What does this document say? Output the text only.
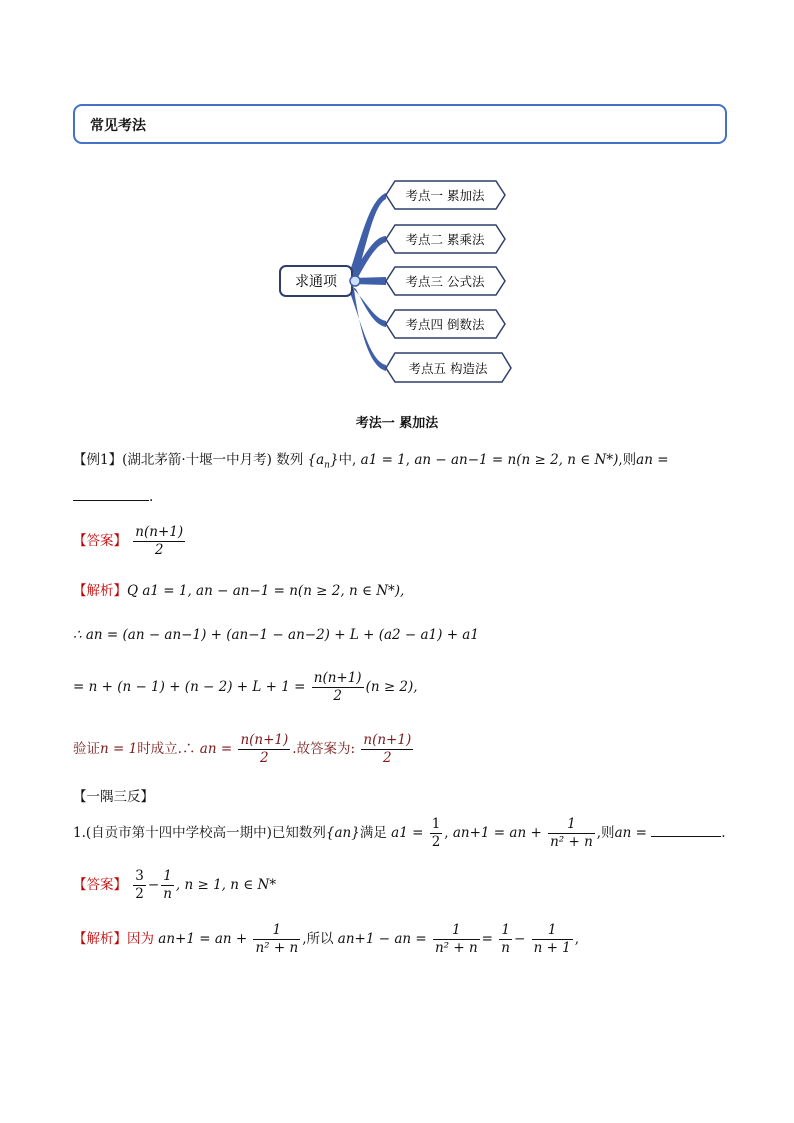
常见考法
求通项
考点一 累加法
考点二 累乘法
考点三 公式法
考点四 倒数法
考点五 构造法
考法一 累加法
【例1】(湖北茅箭·十堰一中月考) 数列 $\{a_n\}$中, a1 = 1, an − an−1 = n(n ≥ 2, n ∈ N*),则an =
.
【答案】 $\frac{n(n+1)}{2}$
【解析】Q a1 = 1, an − an−1 = n(n ≥ 2, n ∈ N*),
∴ an = (an − an−1) + (an−1 − an−2) + L + (a2 − a1) + a1
= $n + (n - 1) + (n - 2) + L + 1 = \frac{n(n+1)}{2} (n \ge 2)$,
验证n = 1时成立.∴ an = $\frac{n(n+1)}{2}$ .故答案为: $\frac{n(n+1)}{2}$
【一隅三反】
1.(自贡市第十四中学校高一期中)已知数列{an}满足 $a1 = \frac{1}{2}$ , an+1 = an + $\frac{1}{\text{n² + n}}$ ,则an =	.
【答案】 $\frac{3}{2} - \frac{1}{n}$ , n ≥ 1, n ∈ N*
【解析】因为 an+1 = an + $\frac{1}{\text{n² + n}}$ ,所以 an+1 − an = $\frac{1}{\text{n² + n}} = \frac{1}{n} - \frac{1}{n + 1}$ ,
